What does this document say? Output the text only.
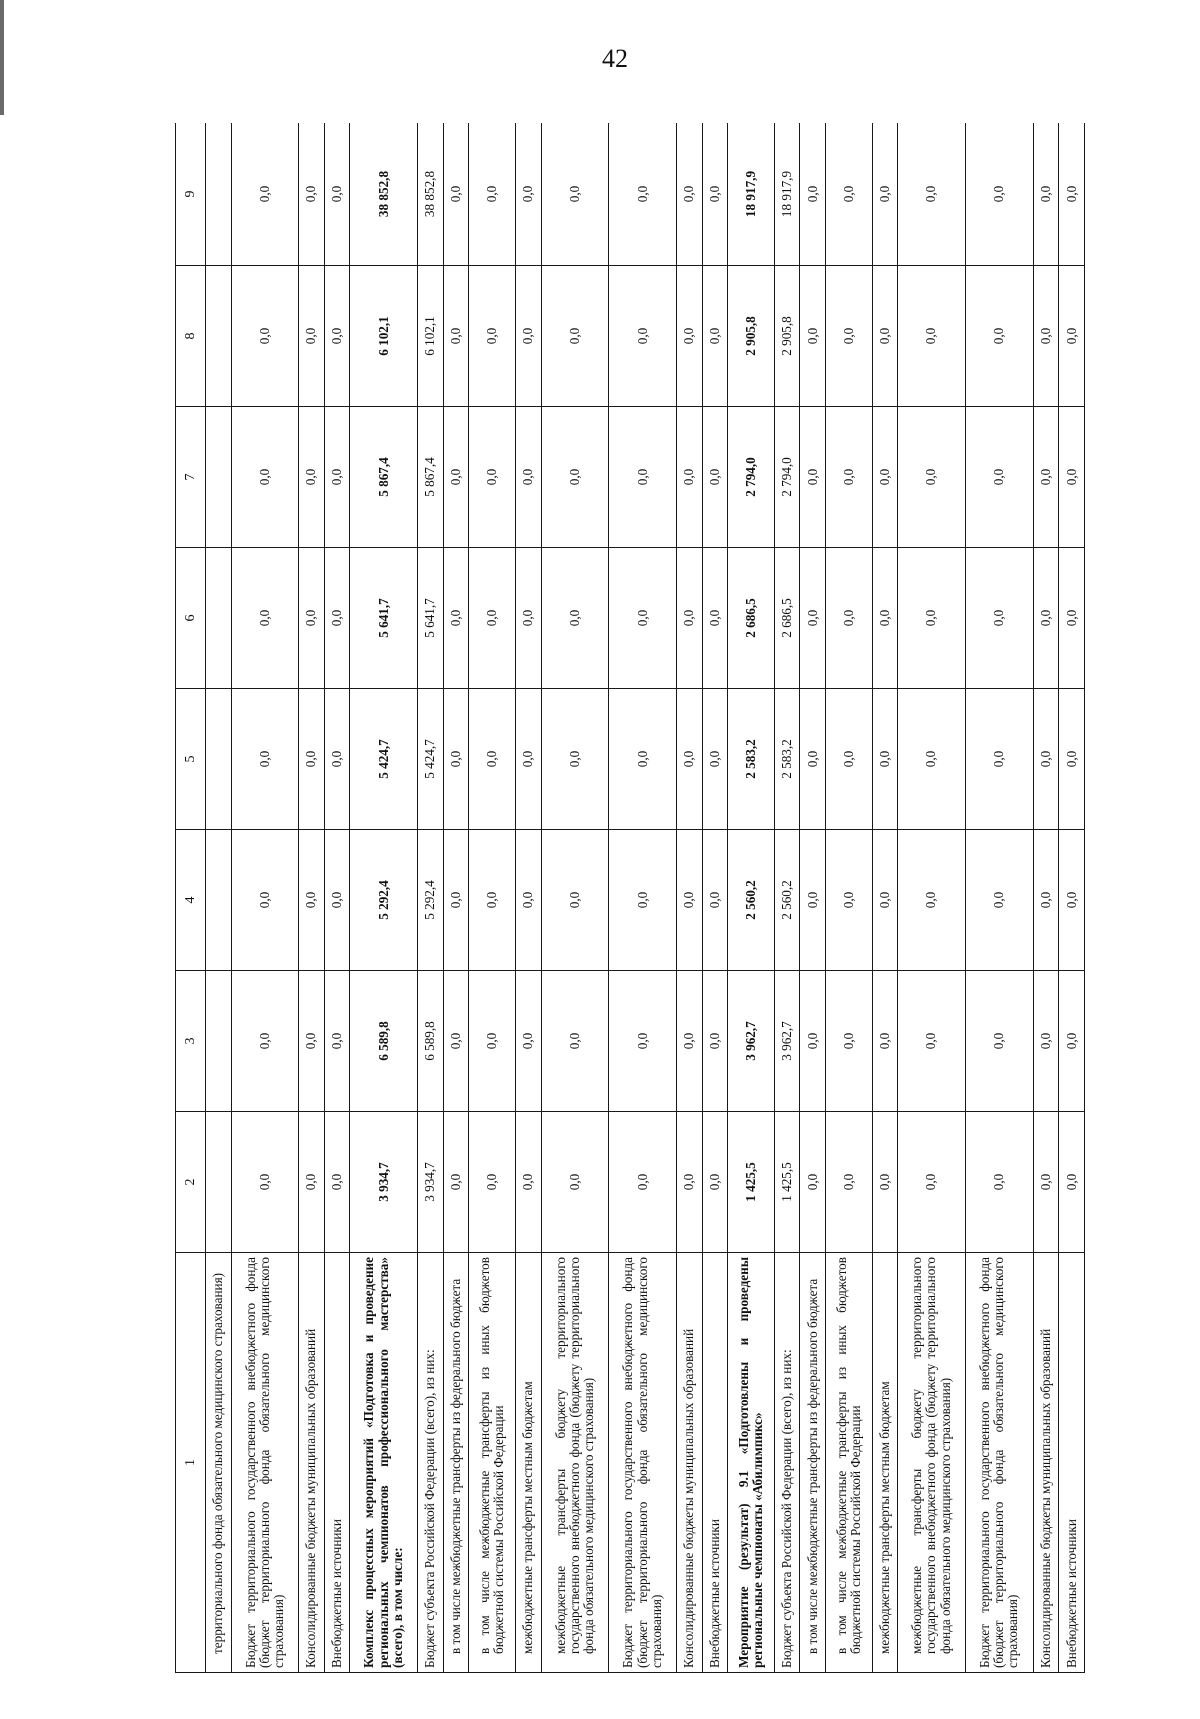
42
1	2	3	4	5	6	7	8	9
территориального фонда обязательного медицинского страхования)								
Бюджет территориального государственного внебюджетного фонда (бюджет территориального фонда обязательного медицинского страхования)	0,0	0,0	0,0	0,0	0,0	0,0	0,0	0,0
Консолидированные бюджеты муниципальных образований	0,0	0,0	0,0	0,0	0,0	0,0	0,0	0,0
Внебюджетные источники	0,0	0,0	0,0	0,0	0,0	0,0	0,0	0,0
Комплекс процессных мероприятий «Подготовка и проведение региональных чемпионатов профессионального мастерства» (всего), в том числе:	3 934,7	6 589,8	5 292,4	5 424,7	5 641,7	5 867,4	6 102,1	38 852,8
Бюджет субъекта Российской Федерации (всего), из них:	3 934,7	6 589,8	5 292,4	5 424,7	5 641,7	5 867,4	6 102,1	38 852,8
в том числе межбюджетные трансферты из федерального бюджета	0,0	0,0	0,0	0,0	0,0	0,0	0,0	0,0
в том числе межбюджетные трансферты из иных бюджетов бюджетной системы Российской Федерации	0,0	0,0	0,0	0,0	0,0	0,0	0,0	0,0
межбюджетные трансферты местным бюджетам	0,0	0,0	0,0	0,0	0,0	0,0	0,0	0,0
межбюджетные трансферты бюджету территориального государственного внебюджетного фонда (бюджету территориального фонда обязательного медицинского страхования)	0,0	0,0	0,0	0,0	0,0	0,0	0,0	0,0
Бюджет территориального государственного внебюджетного фонда (бюджет территориального фонда обязательного медицинского страхования)	0,0	0,0	0,0	0,0	0,0	0,0	0,0	0,0
Консолидированные бюджеты муниципальных образований	0,0	0,0	0,0	0,0	0,0	0,0	0,0	0,0
Внебюджетные источники	0,0	0,0	0,0	0,0	0,0	0,0	0,0	0,0
Мероприятие (результат) 9.1 «Подготовлены и проведены региональные чемпионаты «Абилимпикс»	1 425,5	3 962,7	2 560,2	2 583,2	2 686,5	2 794,0	2 905,8	18 917,9
Бюджет субъекта Российской Федерации (всего), из них:	1 425,5	3 962,7	2 560,2	2 583,2	2 686,5	2 794,0	2 905,8	18 917,9
в том числе межбюджетные трансферты из федерального бюджета	0,0	0,0	0,0	0,0	0,0	0,0	0,0	0,0
в том числе межбюджетные трансферты из иных бюджетов бюджетной системы Российской Федерации	0,0	0,0	0,0	0,0	0,0	0,0	0,0	0,0
межбюджетные трансферты местным бюджетам	0,0	0,0	0,0	0,0	0,0	0,0	0,0	0,0
межбюджетные трансферты бюджету территориального государственного внебюджетного фонда (бюджету территориального фонда обязательного медицинского страхования)	0,0	0,0	0,0	0,0	0,0	0,0	0,0	0,0
Бюджет территориального государственного внебюджетного фонда (бюджет территориального фонда обязательного медицинского страхования)	0,0	0,0	0,0	0,0	0,0	0,0	0,0	0,0
Консолидированные бюджеты муниципальных образований	0,0	0,0	0,0	0,0	0,0	0,0	0,0	0,0
Внебюджетные источники	0,0	0,0	0,0	0,0	0,0	0,0	0,0	0,0
